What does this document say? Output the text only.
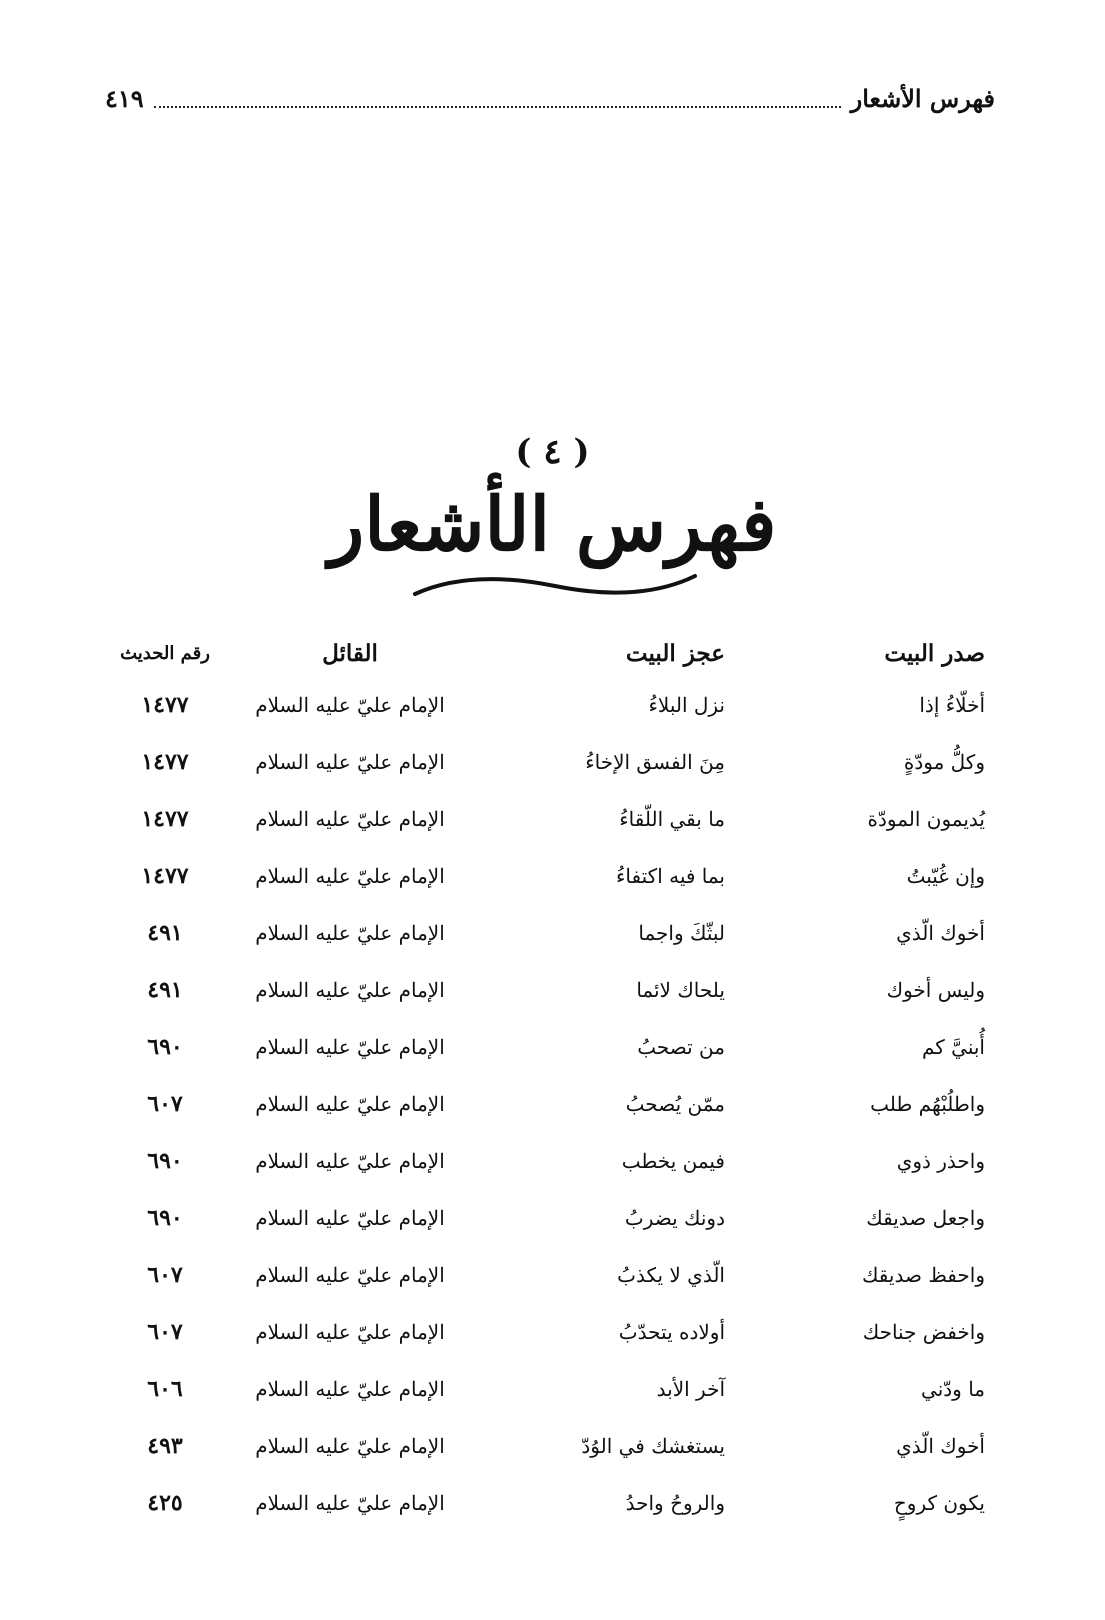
فهرس الأشعار
٤١٩
( ٤ )
فهرس الأشعار
صدر البيت
عجز البيت
القائل
رقم الحديث
أخلّاءُ إذا
نزل البلاءُ
الإمام عليّ عليه السلام
١٤٧٧
وكلُّ مودّةٍ
مِنَ الفسق الإخاءُ
الإمام عليّ عليه السلام
١٤٧٧
يُديمون المودّة
ما بقي اللّقاءُ
الإمام عليّ عليه السلام
١٤٧٧
وإن غُيّبتُ
بما فيه اكتفاءُ
الإمام عليّ عليه السلام
١٤٧٧
أخوك الّذي
لبثّكَ واجما
الإمام عليّ عليه السلام
٤٩١
وليس أخوك
يلحاك لائما
الإمام عليّ عليه السلام
٤٩١
أُبنيَّ كم
من تصحبُ
الإمام عليّ عليه السلام
٦٩٠
واطلُبْهُم طلب
ممّن يُصحبُ
الإمام عليّ عليه السلام
٦٠٧
واحذر ذوي
فيمن يخطب
الإمام عليّ عليه السلام
٦٩٠
واجعل صديقك
دونك يضربُ
الإمام عليّ عليه السلام
٦٩٠
واحفظ صديقك
الّذي لا يكذبُ
الإمام عليّ عليه السلام
٦٠٧
واخفض جناحك
أولاده يتحدّبُ
الإمام عليّ عليه السلام
٦٠٧
ما ودّني
آخر الأبد
الإمام عليّ عليه السلام
٦٠٦
أخوك الّذي
يستغشك في الوُدّ
الإمام عليّ عليه السلام
٤٩٣
يكون كروحٍ
والروحُ واحدُ
الإمام عليّ عليه السلام
٤٢٥
